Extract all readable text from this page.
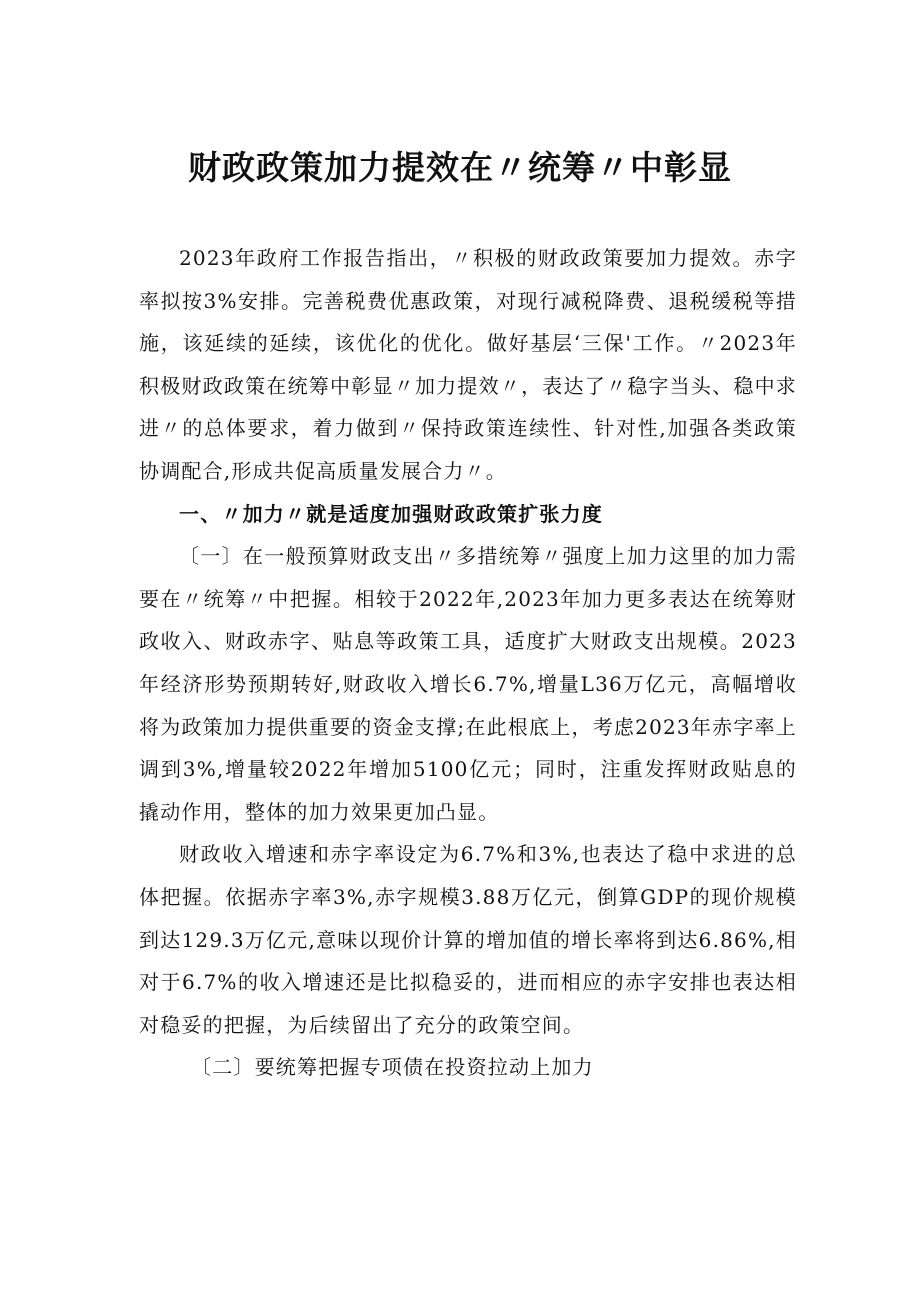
财政政策加力提效在〃统筹〃中彰显

2023年政府工作报告指出，〃积极的财政政策要加力提效。赤字率拟按3%安排。完善税费优惠政策，对现行减税降费、退税缓税等措施，该延续的延续，该优化的优化。做好基层‘三保'工作。〃2023年积极财政政策在统筹中彰显〃加力提效〃，表达了〃稳字当头、稳中求进〃的总体要求，着力做到〃保持政策连续性、针对性,加强各类政策协调配合,形成共促高质量发展合力〃。

一、〃加力〃就是适度加强财政政策扩张力度

〔一〕在一般预算财政支出〃多措统筹〃强度上加力这里的加力需要在〃统筹〃中把握。相较于2022年,2023年加力更多表达在统筹财政收入、财政赤字、贴息等政策工具，适度扩大财政支出规模。2023年经济形势预期转好,财政收入增长6.7%,增量L36万亿元，高幅增收将为政策加力提供重要的资金支撑;在此根底上，考虑2023年赤字率上调到3%,增量较2022年增加5100亿元；同时，注重发挥财政贴息的撬动作用，整体的加力效果更加凸显。

财政收入增速和赤字率设定为6.7%和3%,也表达了稳中求进的总体把握。依据赤字率3%,赤字规模3.88万亿元，倒算GDP的现价规模到达129.3万亿元,意味以现价计算的增加值的增长率将到达6.86%,相对于6.7%的收入增速还是比拟稳妥的，进而相应的赤字安排也表达相对稳妥的把握，为后续留出了充分的政策空间。

〔二〕要统筹把握专项债在投资拉动上加力
